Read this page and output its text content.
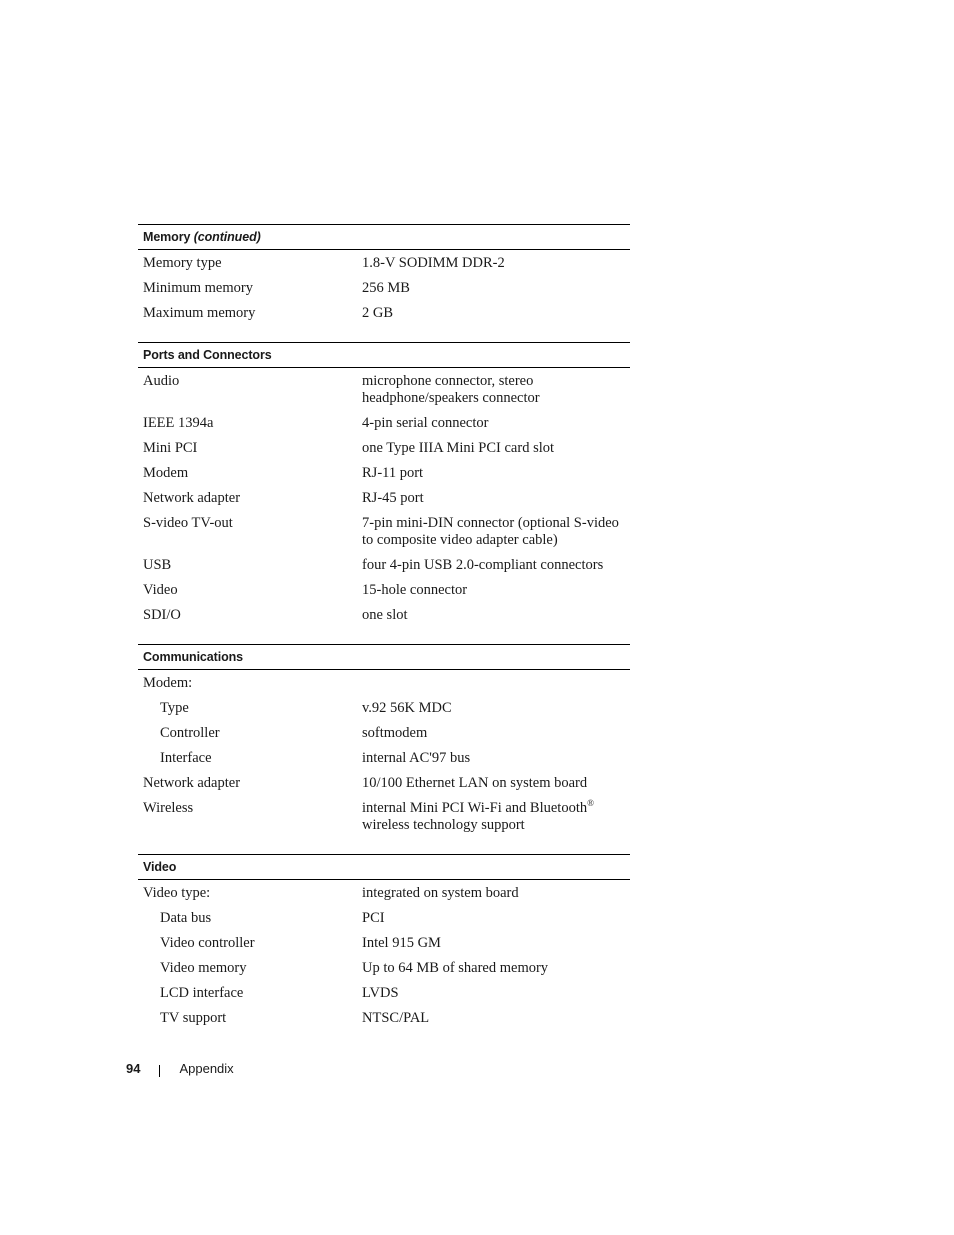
Memory (continued)
Memory type	1.8-V SODIMM DDR-2
Minimum memory	256 MB
Maximum memory	2 GB
Ports and Connectors
Audio	microphone connector, stereo
headphone/speakers connector
IEEE 1394a	4-pin serial connector
Mini PCI	one Type IIIA Mini PCI card slot
Modem	RJ-11 port
Network adapter	RJ-45 port
S-video TV-out	7-pin mini-DIN connector (optional S-video
to composite video adapter cable)
USB	four 4-pin USB 2.0-compliant connectors
Video	15-hole connector
SDI/O	one slot
Communications
Modem:
Type	v.92 56K MDC
Controller	softmodem
Interface	internal AC'97 bus
Network adapter	10/100 Ethernet LAN on system board
Wireless	internal Mini PCI Wi-Fi and Bluetooth®
wireless technology support
Video
Video type:	integrated on system board
Data bus	PCI
Video controller	Intel 915 GM
Video memory	Up to 64 MB of shared memory
LCD interface	LVDS
TV support	NTSC/PAL
94	Appendix
